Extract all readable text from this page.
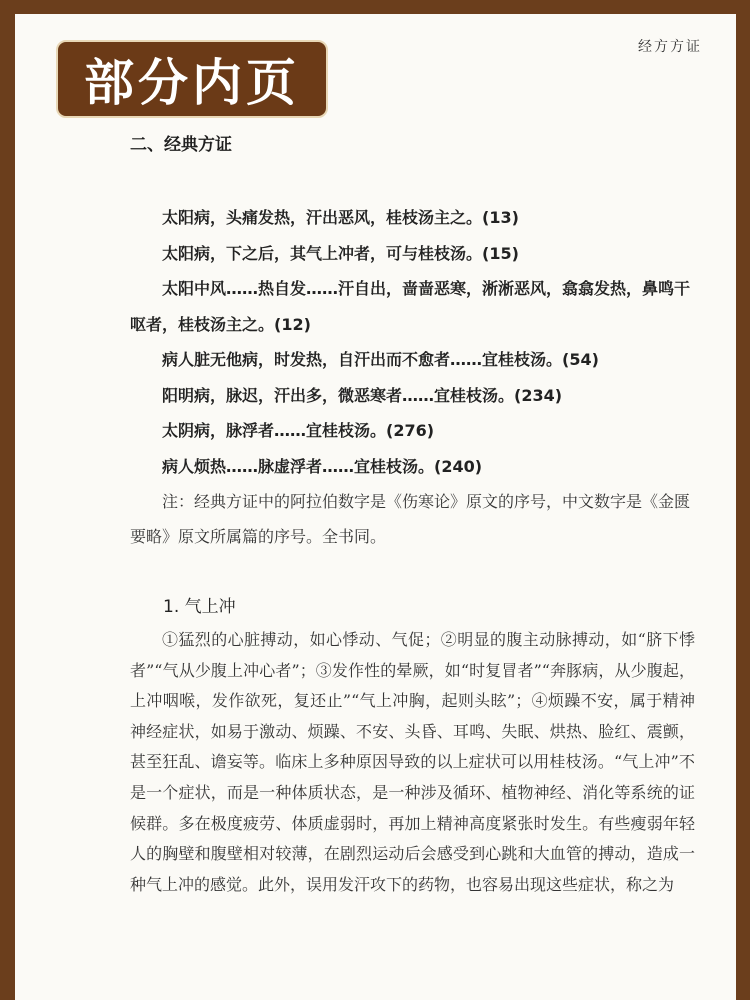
部分内页
经方方证
二、经典方证

太阳病，头痛发热，汗出恶风，桂枝汤主之。(13)

太阳病，下之后，其气上冲者，可与桂枝汤。(15)

太阳中风……热自发……汗自出，啬啬恶寒，淅淅恶风，翕翕发热，鼻鸣干呕者，桂枝汤主之。(12)

病人脏无他病，时发热，自汗出而不愈者……宜桂枝汤。(54)

阳明病，脉迟，汗出多，微恶寒者……宜桂枝汤。(234)

太阴病，脉浮者……宜桂枝汤。(276)

病人烦热……脉虚浮者……宜桂枝汤。(240)

注：经典方证中的阿拉伯数字是《伤寒论》原文的序号，中文数字是《金匮要略》原文所属篇的序号。全书同。

1. 气上冲

①猛烈的心脏搏动，如心悸动、气促；②明显的腹主动脉搏动，如“脐下悸者”“气从少腹上冲心者”；③发作性的晕厥，如“时复冒者”“奔豚病，从少腹起，上冲咽喉，发作欲死，复还止”“气上冲胸，起则头眩”；④烦躁不安，属于精神神经症状，如易于激动、烦躁、不安、头昏、耳鸣、失眠、烘热、脸红、震颤，甚至狂乱、谵妄等。临床上多种原因导致的以上症状可以用桂枝汤。“气上冲”不是一个症状，而是一种体质状态，是一种涉及循环、植物神经、消化等系统的证候群。多在极度疲劳、体质虚弱时，再加上精神高度紧张时发生。有些瘦弱年轻人的胸壁和腹壁相对较薄，在剧烈运动后会感受到心跳和大血管的搏动，造成一种气上冲的感觉。此外，误用发汗攻下的药物，也容易出现这些症状，称之为
